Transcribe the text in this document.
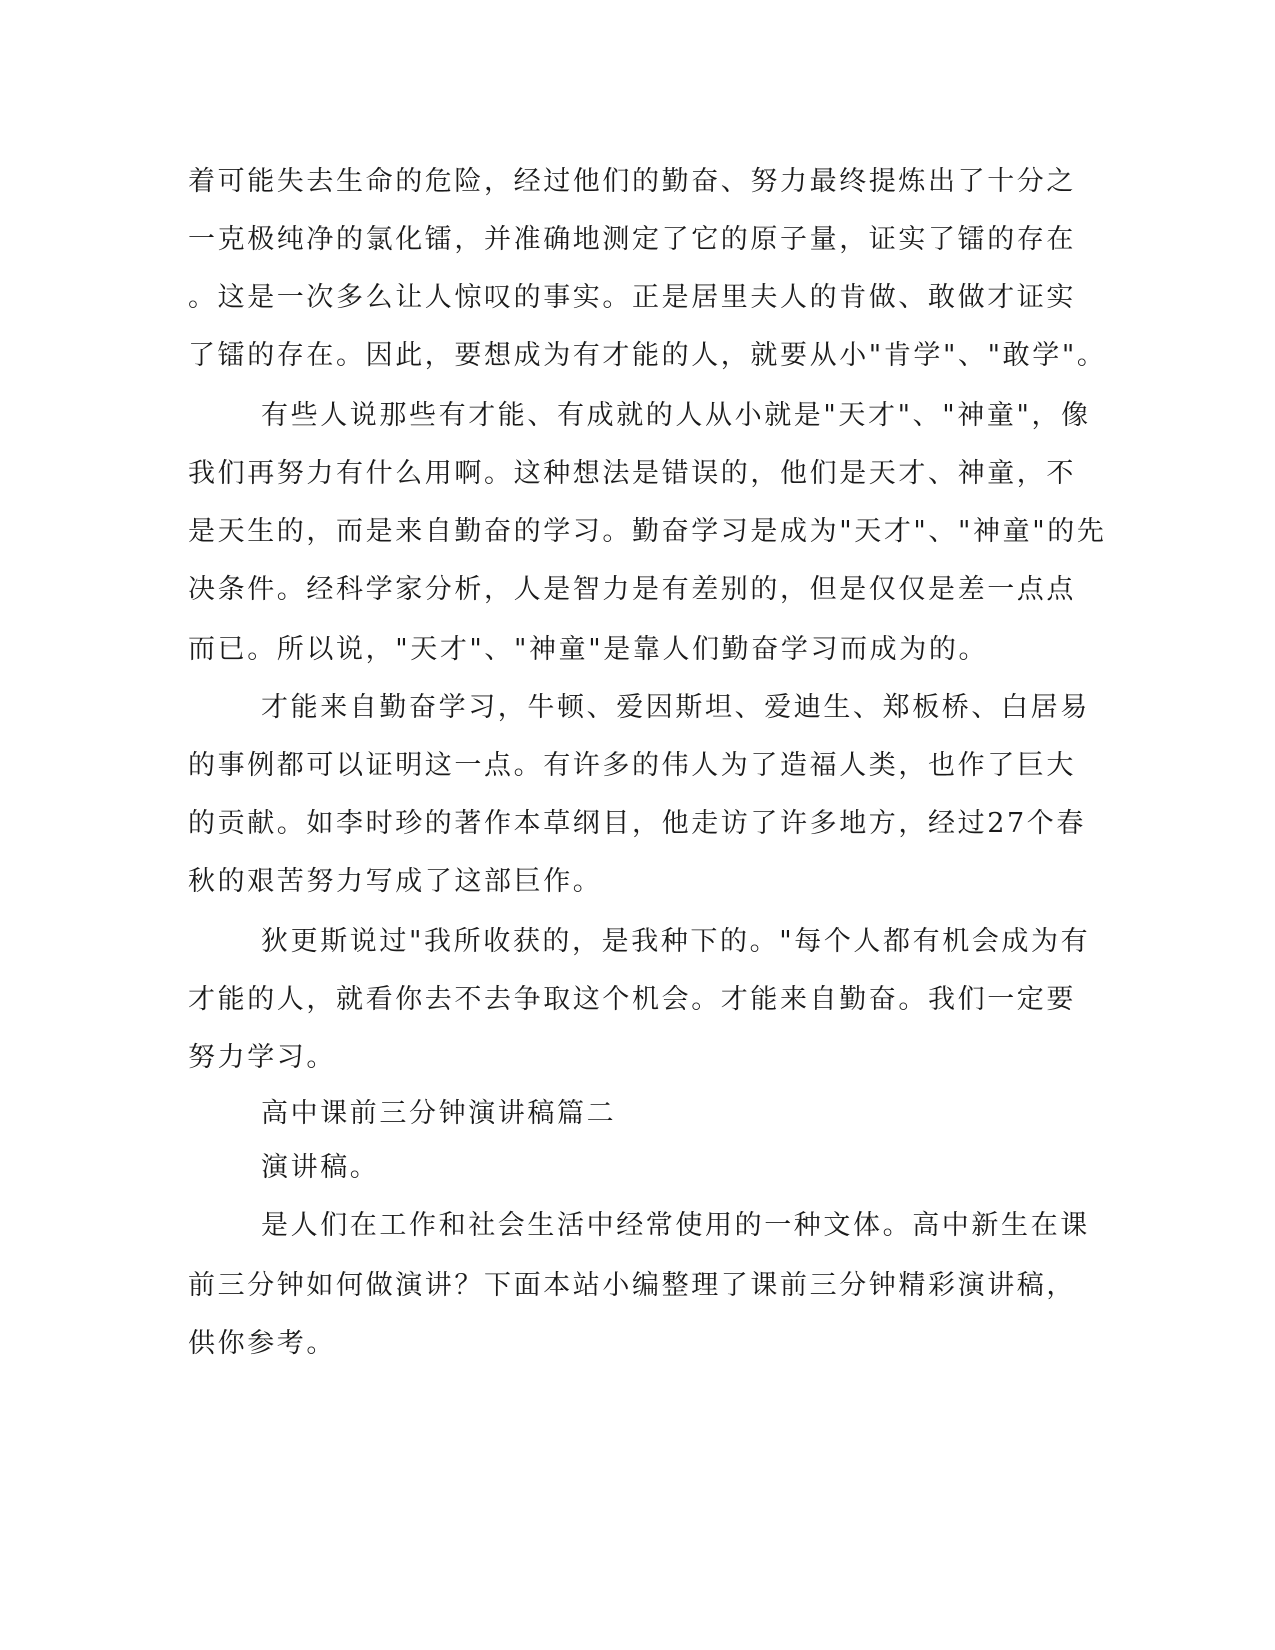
着可能失去生命的危险，经过他们的勤奋、努力最终提炼出了十分之
一克极纯净的氯化镭，并准确地测定了它的原子量，证实了镭的存在
。这是一次多么让人惊叹的事实。正是居里夫人的肯做、敢做才证实
了镭的存在。因此，要想成为有才能的人，就要从小"肯学"、"敢学"。
有些人说那些有才能、有成就的人从小就是"天才"、"神童"，像
我们再努力有什么用啊。这种想法是错误的，他们是天才、神童，不
是天生的，而是来自勤奋的学习。勤奋学习是成为"天才"、"神童"的先
决条件。经科学家分析，人是智力是有差别的，但是仅仅是差一点点
而已。所以说，"天才"、"神童"是靠人们勤奋学习而成为的。
才能来自勤奋学习，牛顿、爱因斯坦、爱迪生、郑板桥、白居易
的事例都可以证明这一点。有许多的伟人为了造福人类，也作了巨大
的贡献。如李时珍的著作本草纲目，他走访了许多地方，经过27个春
秋的艰苦努力写成了这部巨作。
狄更斯说过"我所收获的，是我种下的。"每个人都有机会成为有
才能的人，就看你去不去争取这个机会。才能来自勤奋。我们一定要
努力学习。
高中课前三分钟演讲稿篇二
演讲稿。
是人们在工作和社会生活中经常使用的一种文体。高中新生在课
前三分钟如何做演讲？下面本站小编整理了课前三分钟精彩演讲稿，
供你参考。
